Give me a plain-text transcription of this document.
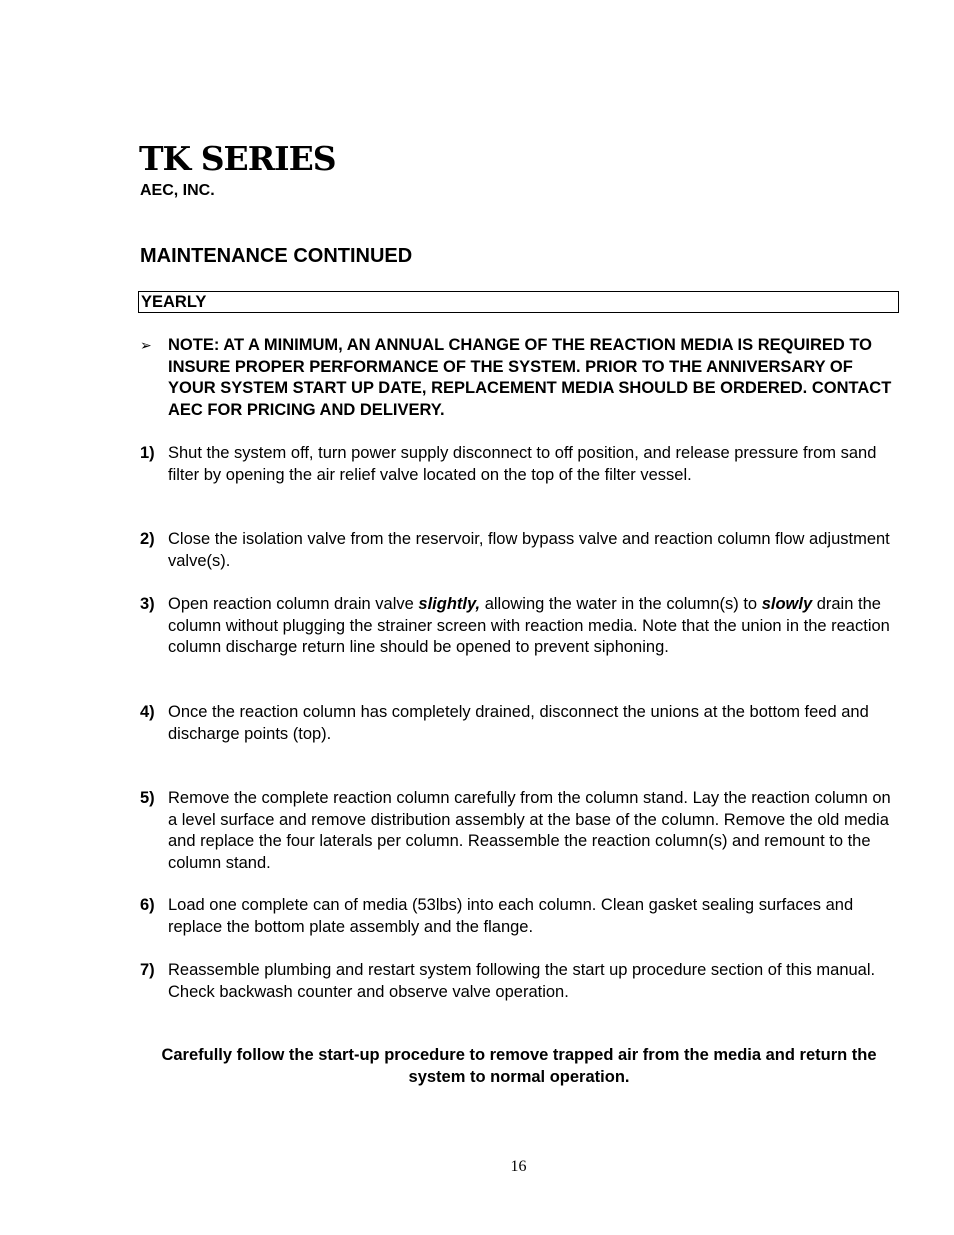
TK SERIES
AEC, INC.
MAINTENANCE CONTINUED
YEARLY
➢ NOTE: AT A MINIMUM, AN ANNUAL CHANGE OF THE REACTION MEDIA IS REQUIRED TO INSURE PROPER PERFORMANCE OF THE SYSTEM. PRIOR TO THE ANNIVERSARY OF YOUR SYSTEM START UP DATE, REPLACEMENT MEDIA SHOULD BE ORDERED. CONTACT AEC FOR PRICING AND DELIVERY.
1) Shut the system off, turn power supply disconnect to off position, and release pressure from sand filter by opening the air relief valve located on the top of the filter vessel.
2) Close the isolation valve from the reservoir, flow bypass valve and reaction column flow adjustment valve(s).
3) Open reaction column drain valve slightly, allowing the water in the column(s) to slowly drain the column without plugging the strainer screen with reaction media. Note that the union in the reaction column discharge return line should be opened to prevent siphoning.
4) Once the reaction column has completely drained, disconnect the unions at the bottom feed and discharge points (top).
5) Remove the complete reaction column carefully from the column stand. Lay the reaction column on a level surface and remove distribution assembly at the base of the column. Remove the old media and replace the four laterals per column. Reassemble the reaction column(s) and remount to the column stand.
6) Load one complete can of media (53lbs) into each column. Clean gasket sealing surfaces and replace the bottom plate assembly and the flange.
7) Reassemble plumbing and restart system following the start up procedure section of this manual. Check backwash counter and observe valve operation.
Carefully follow the start-up procedure to remove trapped air from the media and return the system to normal operation.
16
